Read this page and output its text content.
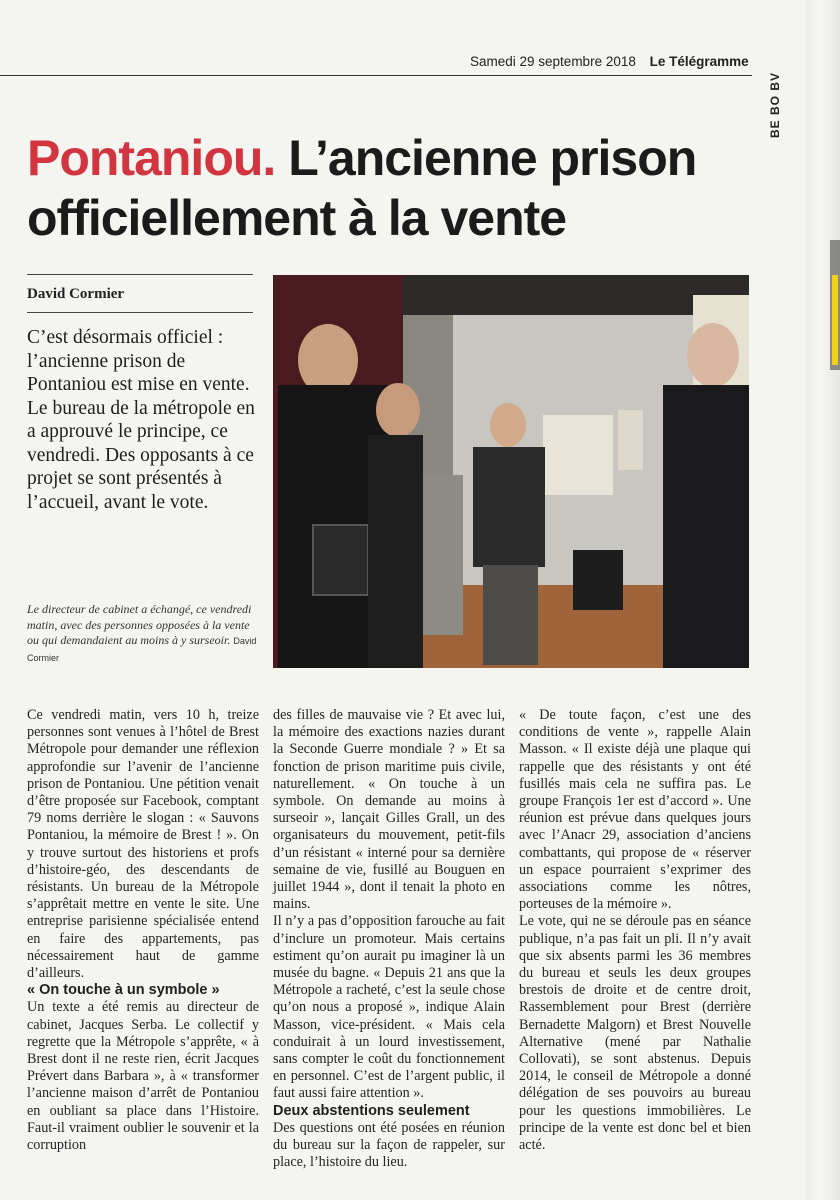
Samedi 29 septembre 2018 Le Télégramme
BE BO BV
Pontaniou. L’ancienne prison officiellement à la vente
David Cormier
C’est désormais officiel : l’ancienne prison de Pontaniou est mise en vente. Le bureau de la métropole en a approuvé le principe, ce vendredi. Des opposants à ce projet se sont présentés à l’accueil, avant le vote.
Le directeur de cabinet a échangé, ce vendredi matin, avec des personnes opposées à la vente ou qui demandaient au moins à y surseoir. David Cormier

Ce vendredi matin, vers 10 h, treize personnes sont venues à l’hôtel de Brest Métropole pour demander une réflexion approfondie sur l’avenir de l’ancienne prison de Pontaniou. Une pétition venait d’être proposée sur Facebook, comptant 79 noms derrière le slogan : « Sauvons Pontaniou, la mémoire de Brest ! ». On y trouve surtout des historiens et profs d’histoire-géo, des descendants de résistants. Un bureau de la Métropole s’apprêtait mettre en vente le site. Une entreprise parisienne spécialisée entend en faire des appartements, pas nécessairement haut de gamme d’ailleurs.

« On touche à un symbole »

Un texte a été remis au directeur de cabinet, Jacques Serba. Le collectif y regrette que la Métropole s’apprête, « à Brest dont il ne reste rien, écrit Jacques Prévert dans Barbara », à « transformer l’ancienne maison d’arrêt de Pontaniou en oubliant sa place dans l’Histoire. Faut-il vraiment oublier le souvenir et la corruption

des filles de mauvaise vie ? Et avec lui, la mémoire des exactions nazies durant la Seconde Guerre mondiale ? » Et sa fonction de prison maritime puis civile, naturellement. « On touche à un symbole. On demande au moins à surseoir », lançait Gilles Grall, un des organisateurs du mouvement, petit-fils d’un résistant « interné pour sa dernière semaine de vie, fusillé au Bouguen en juillet 1944 », dont il tenait la photo en mains.

Il n’y a pas d’opposition farouche au fait d’inclure un promoteur. Mais certains estiment qu’on aurait pu imaginer là un musée du bagne. « Depuis 21 ans que la Métropole a racheté, c’est la seule chose qu’on nous a proposé », indique Alain Masson, vice-président. « Mais cela conduirait à un lourd investissement, sans compter le coût du fonctionnement en personnel. C’est de l’argent public, il faut aussi faire attention ».

Deux abstentions seulement

Des questions ont été posées en réunion du bureau sur la façon de rappeler, sur place, l’histoire du lieu.

« De toute façon, c’est une des conditions de vente », rappelle Alain Masson. « Il existe déjà une plaque qui rappelle que des résistants y ont été fusillés mais cela ne suffira pas. Le groupe François 1er est d’accord ». Une réunion est prévue dans quelques jours avec l’Anacr 29, association d’anciens combattants, qui propose de « réserver un espace pourraient s’exprimer des associations comme les nôtres, porteuses de la mémoire ».

Le vote, qui ne se déroule pas en séance publique, n’a pas fait un pli. Il n’y avait que six absents parmi les 36 membres du bureau et seuls les deux groupes brestois de droite et de centre droit, Rassemblement pour Brest (derrière Bernadette Malgorn) et Brest Nouvelle Alternative (mené par Nathalie Collovati), se sont abstenus. Depuis 2014, le conseil de Métropole a donné délégation de ses pouvoirs au bureau pour les questions immobilières. Le principe de la vente est donc bel et bien acté.
